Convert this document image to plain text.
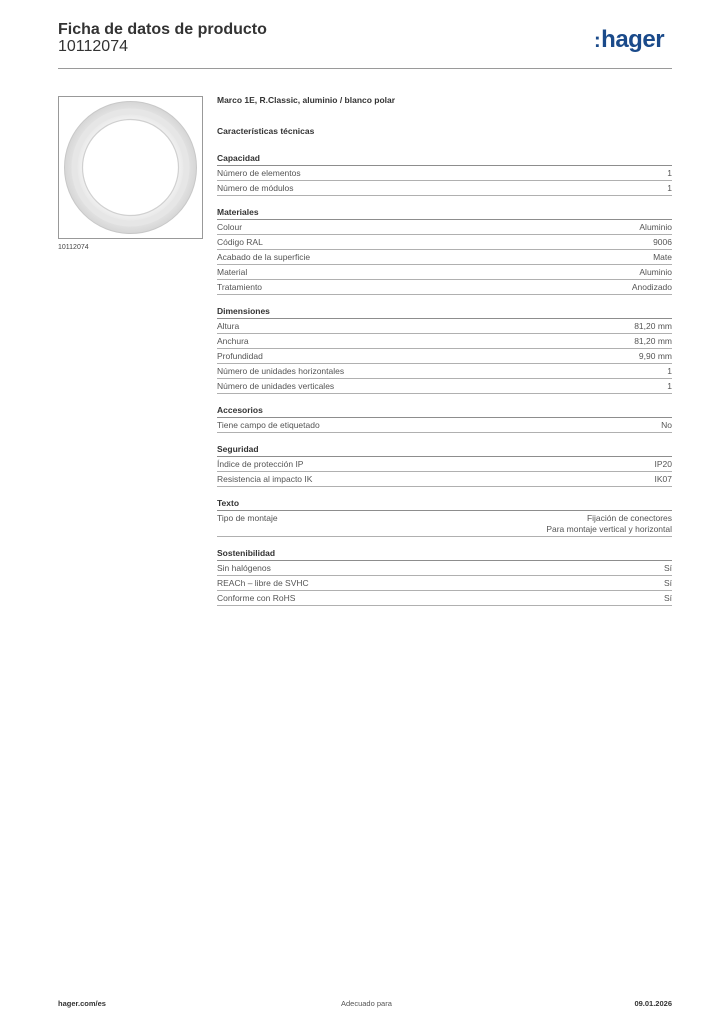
Ficha de datos de producto
10112074	:hager
10112074
Marco 1E, R.Classic, aluminio / blanco polar
Características técnicas
Capacidad
Número de elementos	1
Número de módulos	1
Materiales
Colour	Aluminio
Código RAL	9006
Acabado de la superficie	Mate
Material	Aluminio
Tratamiento	Anodizado
Dimensiones
Altura	81,20 mm
Anchura	81,20 mm
Profundidad	9,90 mm
Número de unidades horizontales	1
Número de unidades verticales	1
Accesorios
Tiene campo de etiquetado	No
Seguridad
Índice de protección IP	IP20
Resistencia al impacto IK	IK07
Texto
Tipo de montaje	Fijación de conectores
Para montaje vertical y horizontal
Sostenibilidad
Sin halógenos	Sí
REACh – libre de SVHC	Sí
Conforme con RoHS	Sí
hager.com/es	Adecuado para	09.01.2026
